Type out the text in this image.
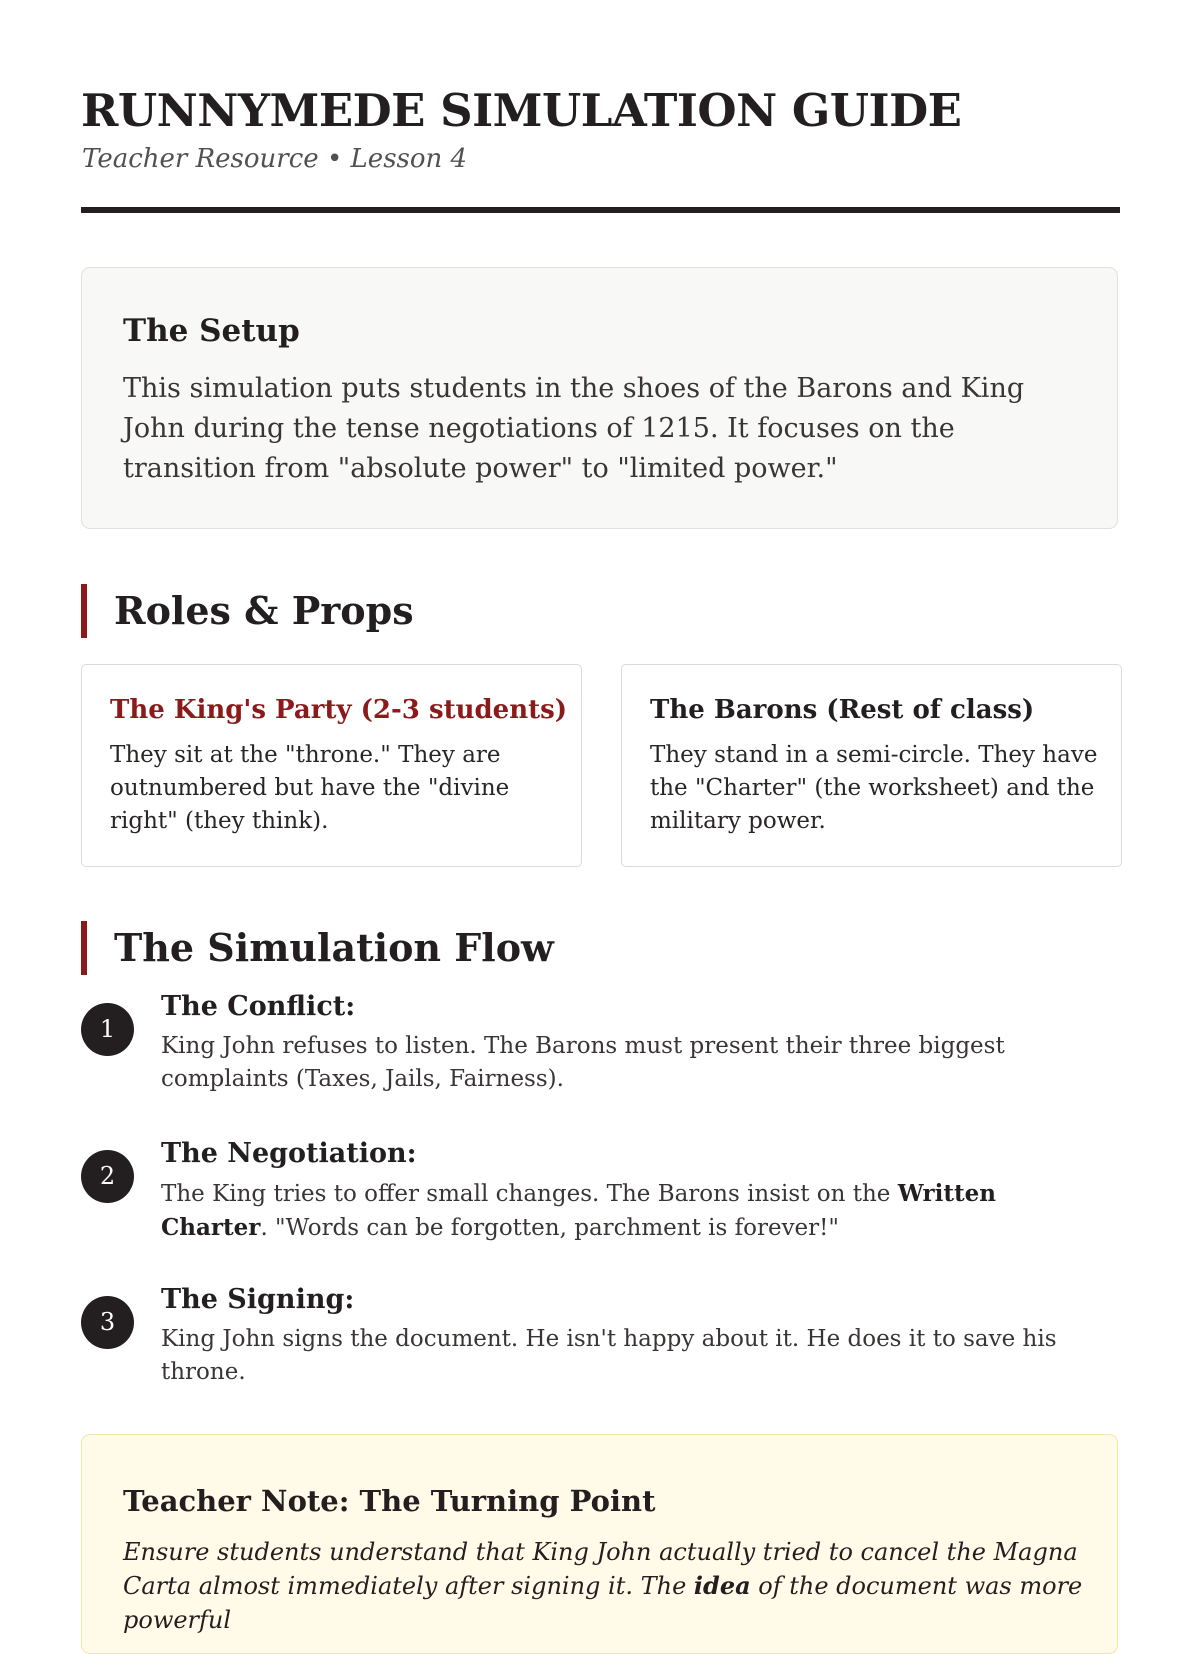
RUNNYMEDE SIMULATION GUIDE
Teacher Resource • Lesson 4
The Setup
This simulation puts students in the shoes of the Barons and King John during the tense negotiations of 1215. It focuses on the transition from "absolute power" to "limited power."
Roles & Props
The King's Party (2-3 students)
They sit at the "throne." They are outnumbered but have the "divine right" (they think).
The Barons (Rest of class)
They stand in a semi-circle. They have the "Charter" (the worksheet) and the military power.
The Simulation Flow
1
The Conflict:
King John refuses to listen. The Barons must present their three biggest complaints (Taxes, Jails, Fairness).
2
The Negotiation:
The King tries to offer small changes. The Barons insist on the Written Charter. "Words can be forgotten, parchment is forever!"
3
The Signing:
King John signs the document. He isn't happy about it. He does it to save his throne.
Teacher Note: The Turning Point
Ensure students understand that King John actually tried to cancel the Magna Carta almost immediately after signing it. The idea of the document was more powerful
